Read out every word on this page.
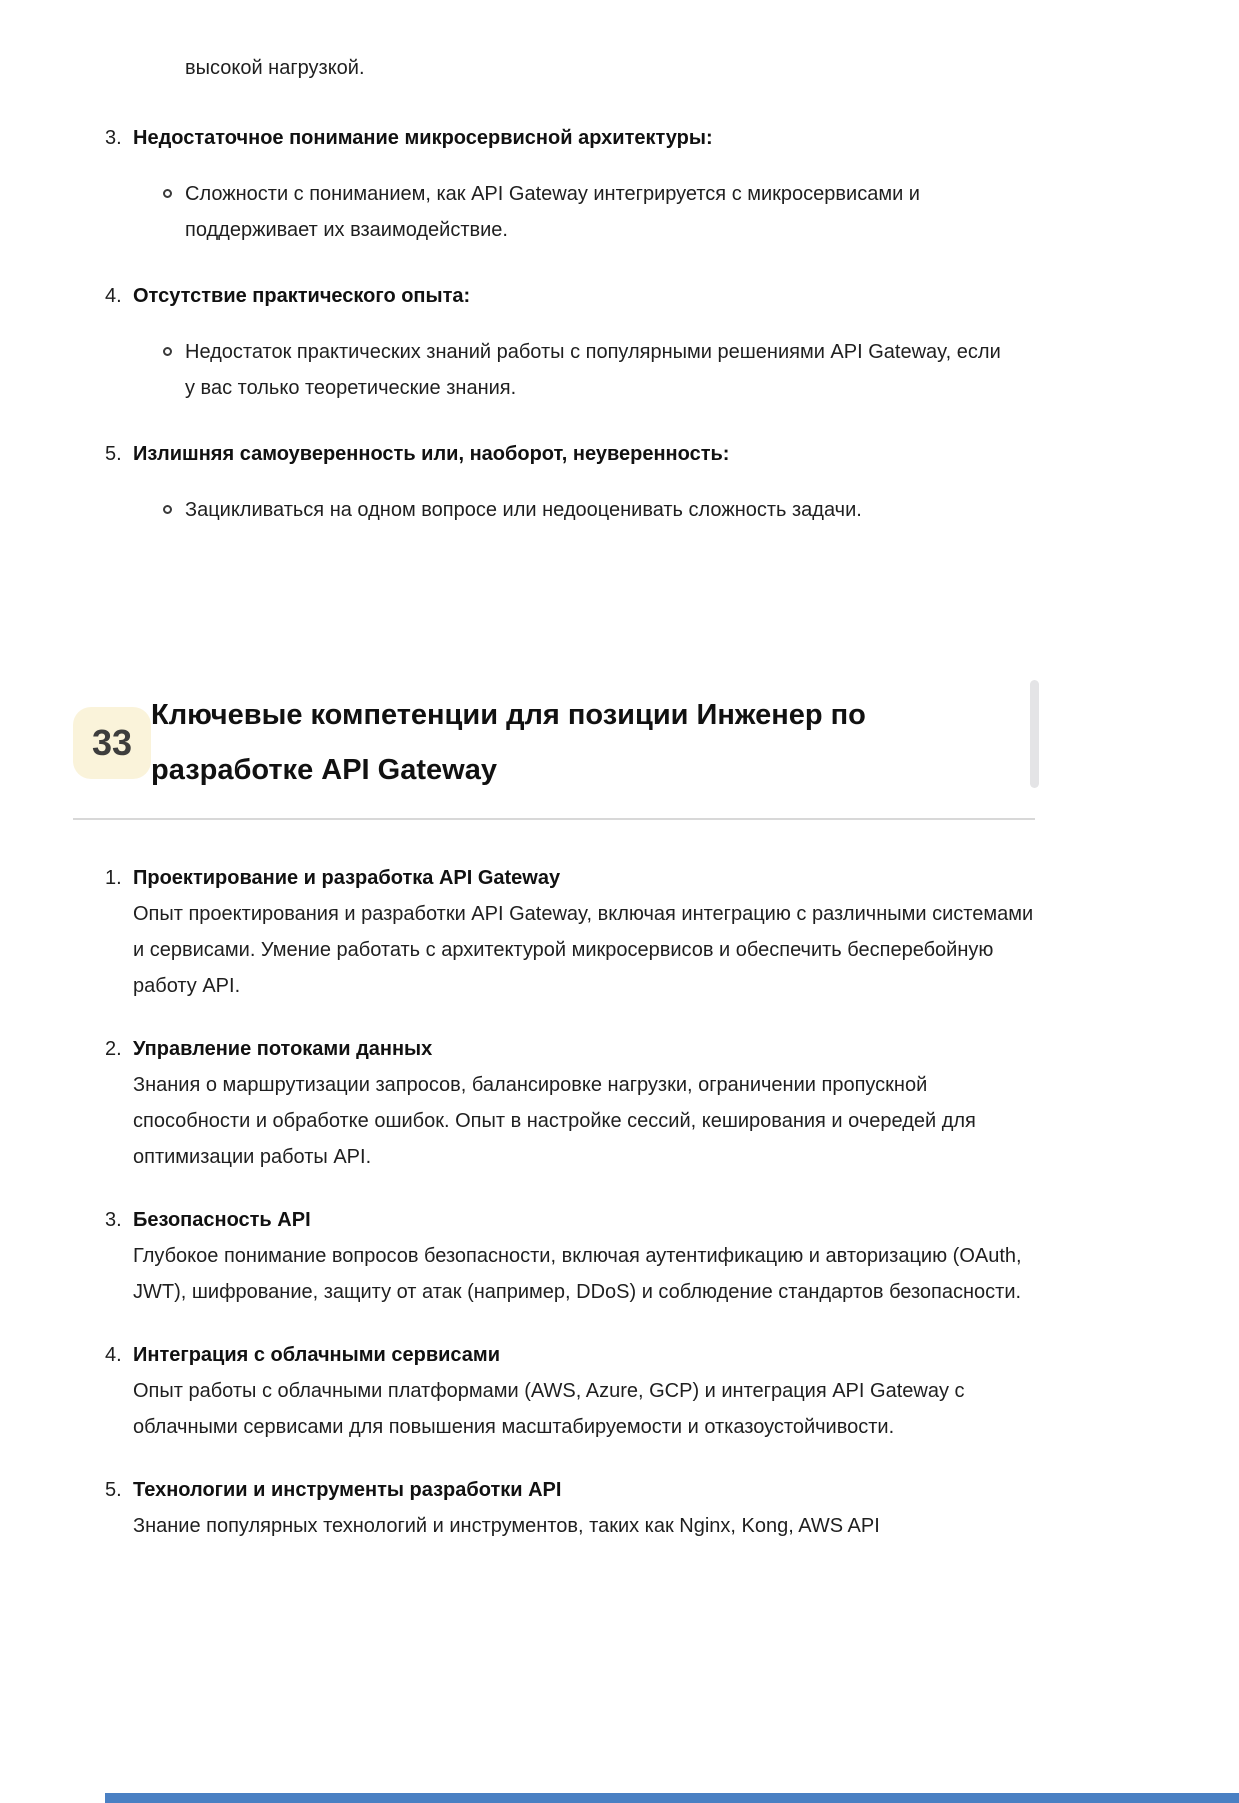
высокой нагрузкой.
3. Недостаточное понимание микросервисной архитектуры:
Сложности с пониманием, как API Gateway интегрируется с микросервисами и поддерживает их взаимодействие.
4. Отсутствие практического опыта:
Недостаток практических знаний работы с популярными решениями API Gateway, если у вас только теоретические знания.
5. Излишняя самоуверенность или, наоборот, неуверенность:
Зацикливаться на одном вопросе или недооценивать сложность задачи.
33
Ключевые компетенции для позиции Инженер по разработке API Gateway
1. Проектирование и разработка API Gateway
Опыт проектирования и разработки API Gateway, включая интеграцию с различными системами и сервисами. Умение работать с архитектурой микросервисов и обеспечить бесперебойную работу API.
2. Управление потоками данных
Знания о маршрутизации запросов, балансировке нагрузки, ограничении пропускной способности и обработке ошибок. Опыт в настройке сессий, кеширования и очередей для оптимизации работы API.
3. Безопасность API
Глубокое понимание вопросов безопасности, включая аутентификацию и авторизацию (OAuth, JWT), шифрование, защиту от атак (например, DDoS) и соблюдение стандартов безопасности.
4. Интеграция с облачными сервисами
Опыт работы с облачными платформами (AWS, Azure, GCP) и интеграция API Gateway с облачными сервисами для повышения масштабируемости и отказоустойчивости.
5. Технологии и инструменты разработки API
Знание популярных технологий и инструментов, таких как Nginx, Kong, AWS API
